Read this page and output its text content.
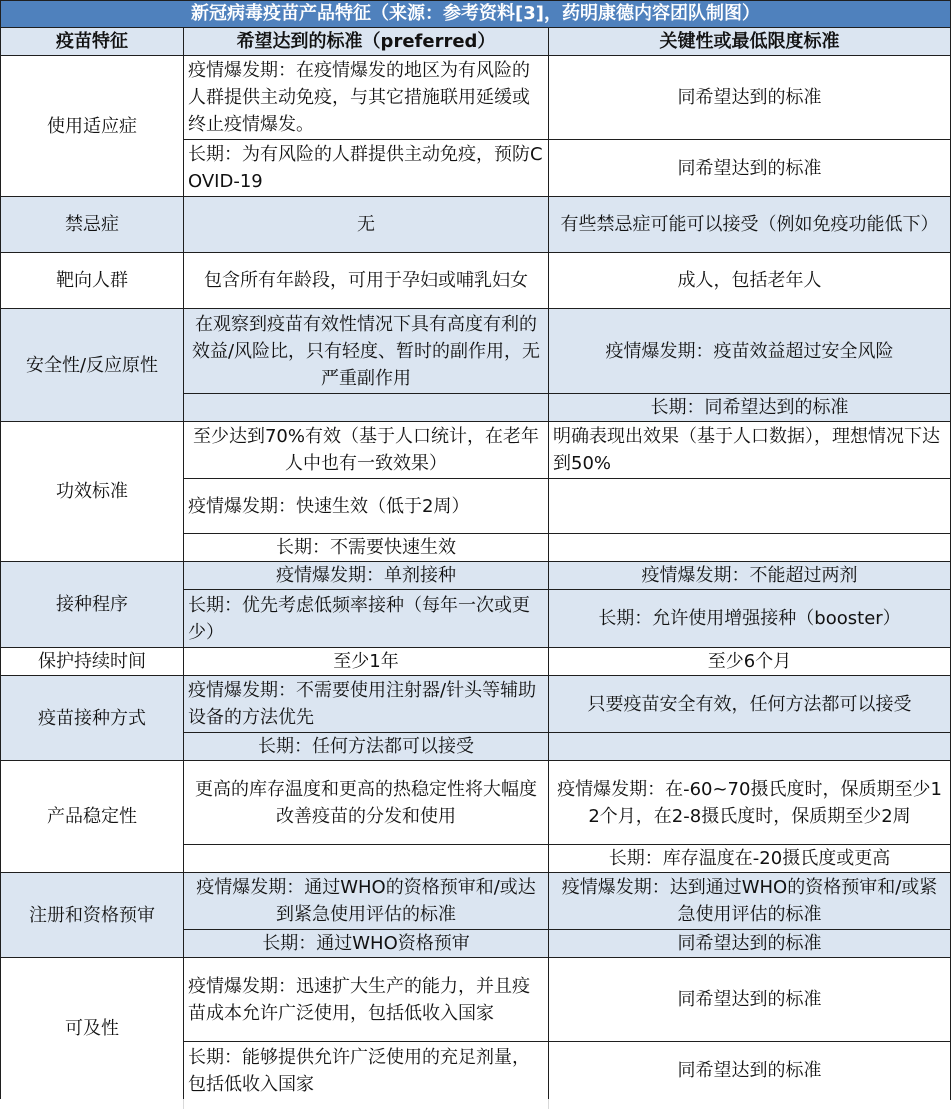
新冠病毒疫苗产品特征（来源：参考资料[3]，药明康德内容团队制图）		
疫苗特征	希望达到的标准（preferred）	关键性或最低限度标准
使用适应症	疫情爆发期：在疫情爆发的地区为有风险的人群提供主动免疫，与其它措施联用延缓或终止疫情爆发。	同希望达到的标准
	长期：为有风险的人群提供主动免疫，预防COVID-19	同希望达到的标准
禁忌症	无	有些禁忌症可能可以接受（例如免疫功能低下）
靶向人群	包含所有年龄段，可用于孕妇或哺乳妇女	成人，包括老年人
安全性/反应原性	在观察到疫苗有效性情况下具有高度有利的效益/风险比，只有轻度、暂时的副作用，无严重副作用	疫情爆发期：疫苗效益超过安全风险
		长期：同希望达到的标准
功效标准	至少达到70%有效（基于人口统计，在老年人中也有一致效果）	明确表现出效果（基于人口数据），理想情况下达到50%
	疫情爆发期：快速生效（低于2周）	
	长期：不需要快速生效	
接种程序	疫情爆发期：单剂接种	疫情爆发期：不能超过两剂
	长期：优先考虑低频率接种（每年一次或更少）	长期：允许使用增强接种（booster）
保护持续时间	至少1年	至少6个月
疫苗接种方式	疫情爆发期：不需要使用注射器/针头等辅助设备的方法优先	只要疫苗安全有效，任何方法都可以接受
	长期：任何方法都可以接受	
产品稳定性	更高的库存温度和更高的热稳定性将大幅度改善疫苗的分发和使用	疫情爆发期：在-60~70摄氏度时，保质期至少12个月，在2-8摄氏度时，保质期至少2周
		长期：库存温度在-20摄氏度或更高
注册和资格预审	疫情爆发期：通过WHO的资格预审和/或达到紧急使用评估的标准	疫情爆发期：达到通过WHO的资格预审和/或紧急使用评估的标准
	长期：通过WHO资格预审	同希望达到的标准
可及性	疫情爆发期：迅速扩大生产的能力，并且疫苗成本允许广泛使用，包括低收入国家	同希望达到的标准
	长期：能够提供允许广泛使用的充足剂量，包括低收入国家	同希望达到的标准
